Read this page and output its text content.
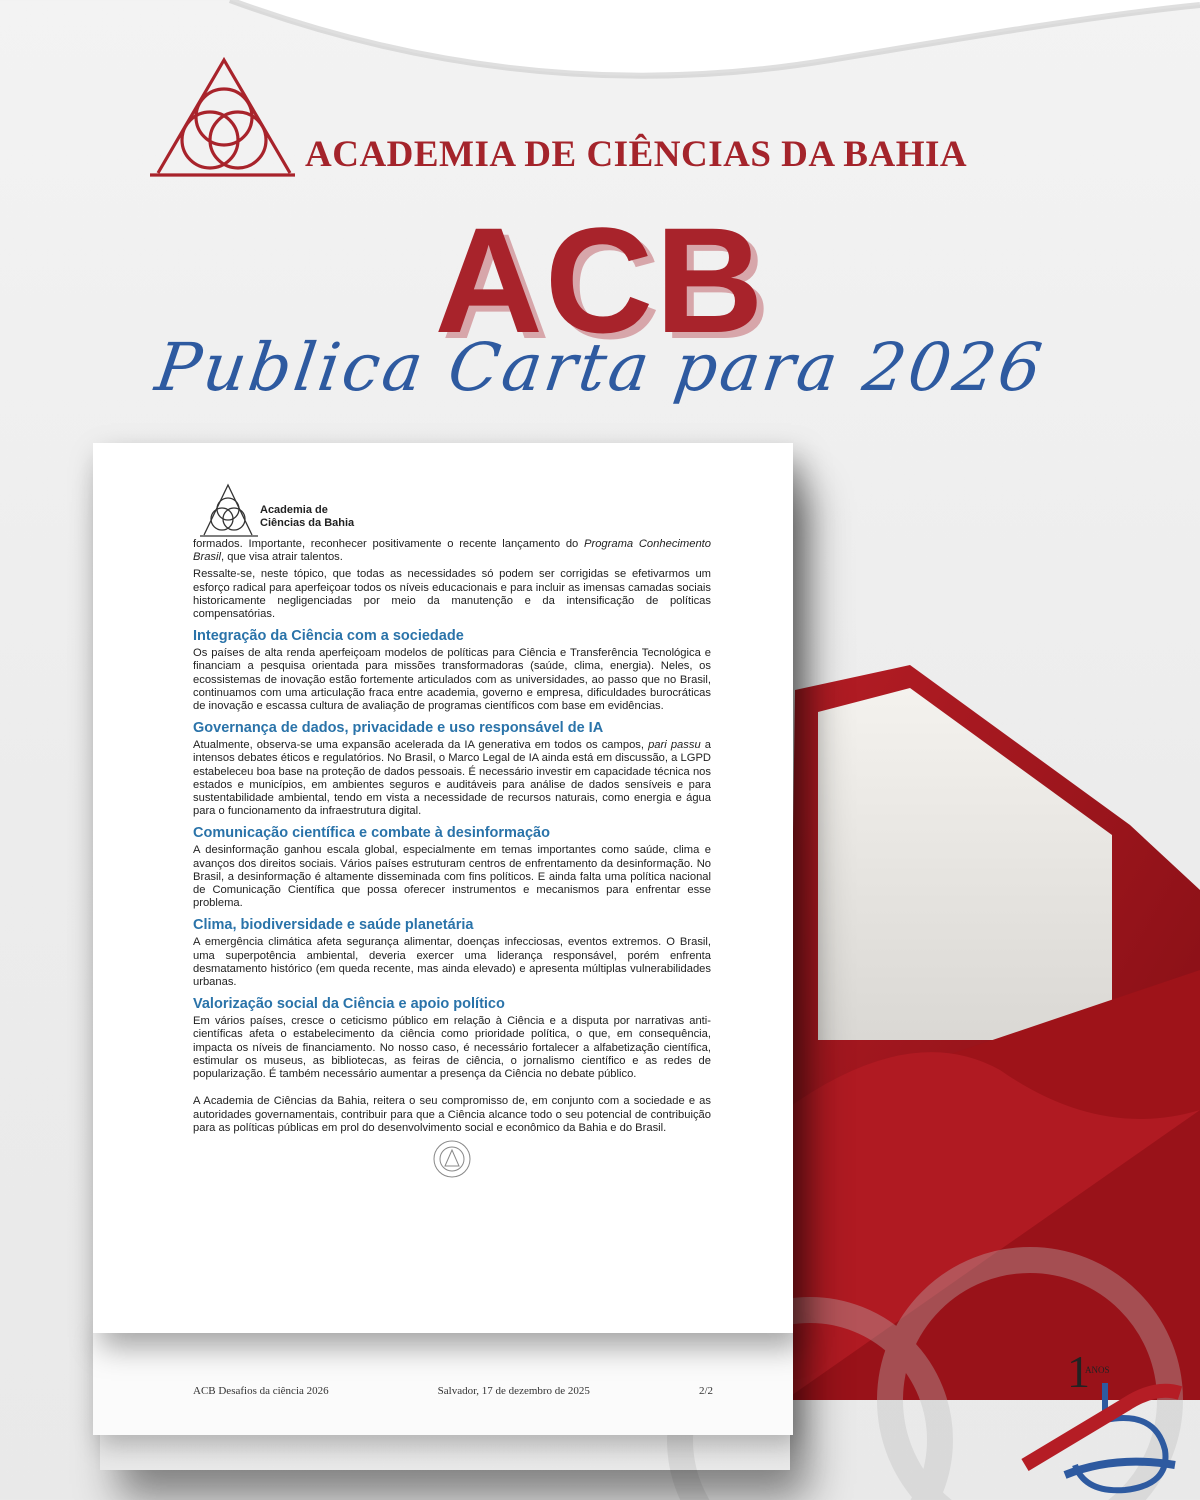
ACADEMIA DE CIÊNCIAS DA BAHIA
ACB
Publica Carta para 2026
ACB Desafios da ciência 2026	Salvador, 17 de dezembro de 2025	2/2
Academia de
Ciências da Bahia

formados. Importante, reconhecer positivamente o recente lançamento do Programa Conhecimento Brasil, que visa atrair talentos.

Ressalte-se, neste tópico, que todas as necessidades só podem ser corrigidas se efetivarmos um esforço radical para aperfeiçoar todos os níveis educacionais e para incluir as imensas camadas sociais historicamente negligenciadas por meio da manutenção e da intensificação de políticas compensatórias.

Integração da Ciência com a sociedade

Os países de alta renda aperfeiçoam modelos de políticas para Ciência e Transferência Tecnológica e financiam a pesquisa orientada para missões transformadoras (saúde, clima, energia). Neles, os ecossistemas de inovação estão fortemente articulados com as universidades, ao passo que no Brasil, continuamos com uma articulação fraca entre academia, governo e empresa, dificuldades burocráticas de inovação e escassa cultura de avaliação de programas científicos com base em evidências.

Governança de dados, privacidade e uso responsável de IA

Atualmente, observa-se uma expansão acelerada da IA generativa em todos os campos, pari passu a intensos debates éticos e regulatórios. No Brasil, o Marco Legal de IA ainda está em discussão, a LGPD estabeleceu boa base na proteção de dados pessoais. É necessário investir em capacidade técnica nos estados e municípios, em ambientes seguros e auditáveis para análise de dados sensíveis e para sustentabilidade ambiental, tendo em vista a necessidade de recursos naturais, como energia e água para o funcionamento da infraestrutura digital.

Comunicação científica e combate à desinformação

A desinformação ganhou escala global, especialmente em temas importantes como saúde, clima e avanços dos direitos sociais. Vários países estruturam centros de enfrentamento da desinformação. No Brasil, a desinformação é altamente disseminada com fins políticos. E ainda falta uma política nacional de Comunicação Científica que possa oferecer instrumentos e mecanismos para enfrentar esse problema.

Clima, biodiversidade e saúde planetária

A emergência climática afeta segurança alimentar, doenças infecciosas, eventos extremos. O Brasil, uma superpotência ambiental, deveria exercer uma liderança responsável, porém enfrenta desmatamento histórico (em queda recente, mas ainda elevado) e apresenta múltiplas vulnerabilidades urbanas.

Valorização social da Ciência e apoio político

Em vários países, cresce o ceticismo público em relação à Ciência e a disputa por narrativas anti-científicas afeta o estabelecimento da ciência como prioridade política, o que, em consequência, impacta os níveis de financiamento. No nosso caso, é necessário fortalecer a alfabetização científica, estimular os museus, as bibliotecas, as feiras de ciência, o jornalismo científico e as redes de popularização. É também necessário aumentar a presença da Ciência no debate público.

A Academia de Ciências da Bahia, reitera o seu compromisso de, em conjunto com a sociedade e as autoridades governamentais, contribuir para que a Ciência alcance todo o seu potencial de contribuição para as políticas públicas em prol do desenvolvimento social e econômico da Bahia e do Brasil.

1
ANOS
